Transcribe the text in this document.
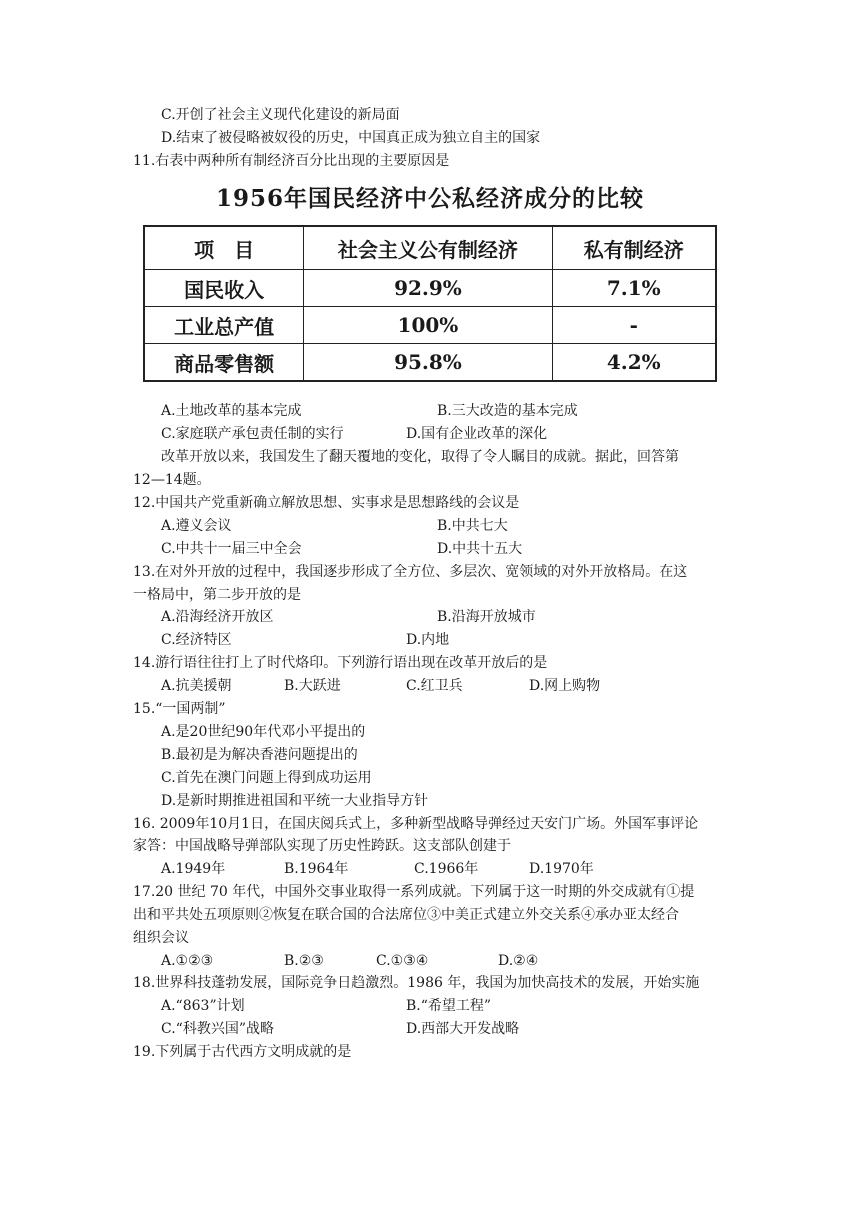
C.开创了社会主义现代化建设的新局面
D.结束了被侵略被奴役的历史，中国真正成为独立自主的国家
11.右表中两种所有制经济百分比出现的主要原因是
1956年国民经济中公私经济成分的比较
项　目	社会主义公有制经济	私有制经济
国民收入	92.9%	7.1%
工业总产值	100%	-
商品零售额	95.8%	4.2%
A.土地改革的基本完成	B.三大改造的基本完成
C.家庭联产承包责任制的实行	D.国有企业改革的深化
改革开放以来，我国发生了翻天覆地的变化，取得了令人瞩目的成就。据此，回答第
12—14题。
12.中国共产党重新确立解放思想、实事求是思想路线的会议是
A.遵义会议	B.中共七大
C.中共十一届三中全会	D.中共十五大
13.在对外开放的过程中，我国逐步形成了全方位、多层次、宽领域的对外开放格局。在这
一格局中，第二步开放的是
A.沿海经济开放区	B.沿海开放城市
C.经济特区	D.内地
14.游行语往往打上了时代烙印。下列游行语出现在改革开放后的是
A.抗美援朝	B.大跃进	C.红卫兵	D.网上购物
15.“一国两制”
A.是20世纪90年代邓小平提出的
B.最初是为解决香港问题提出的
C.首先在澳门问题上得到成功运用
D.是新时期推进祖国和平统一大业指导方针
16. 2009年10月1日，在国庆阅兵式上，多种新型战略导弹经过天安门广场。外国军事评论
家答：中国战略导弹部队实现了历史性跨跃。这支部队创建于
A.1949年	B.1964年	C.1966年	D.1970年
17.20 世纪 70 年代，中国外交事业取得一系列成就。下列属于这一时期的外交成就有①提
出和平共处五项原则②恢复在联合国的合法席位③中美正式建立外交关系④承办亚太经合
组织会议
A.①②③	B.②③	C.①③④	D.②④
18.世界科技蓬勃发展，国际竞争日趋激烈。1986 年，我国为加快高技术的发展，开始实施
A.“863”计划	B.“希望工程”
C.“科教兴国”战略	D.西部大开发战略
19.下列属于古代西方文明成就的是
